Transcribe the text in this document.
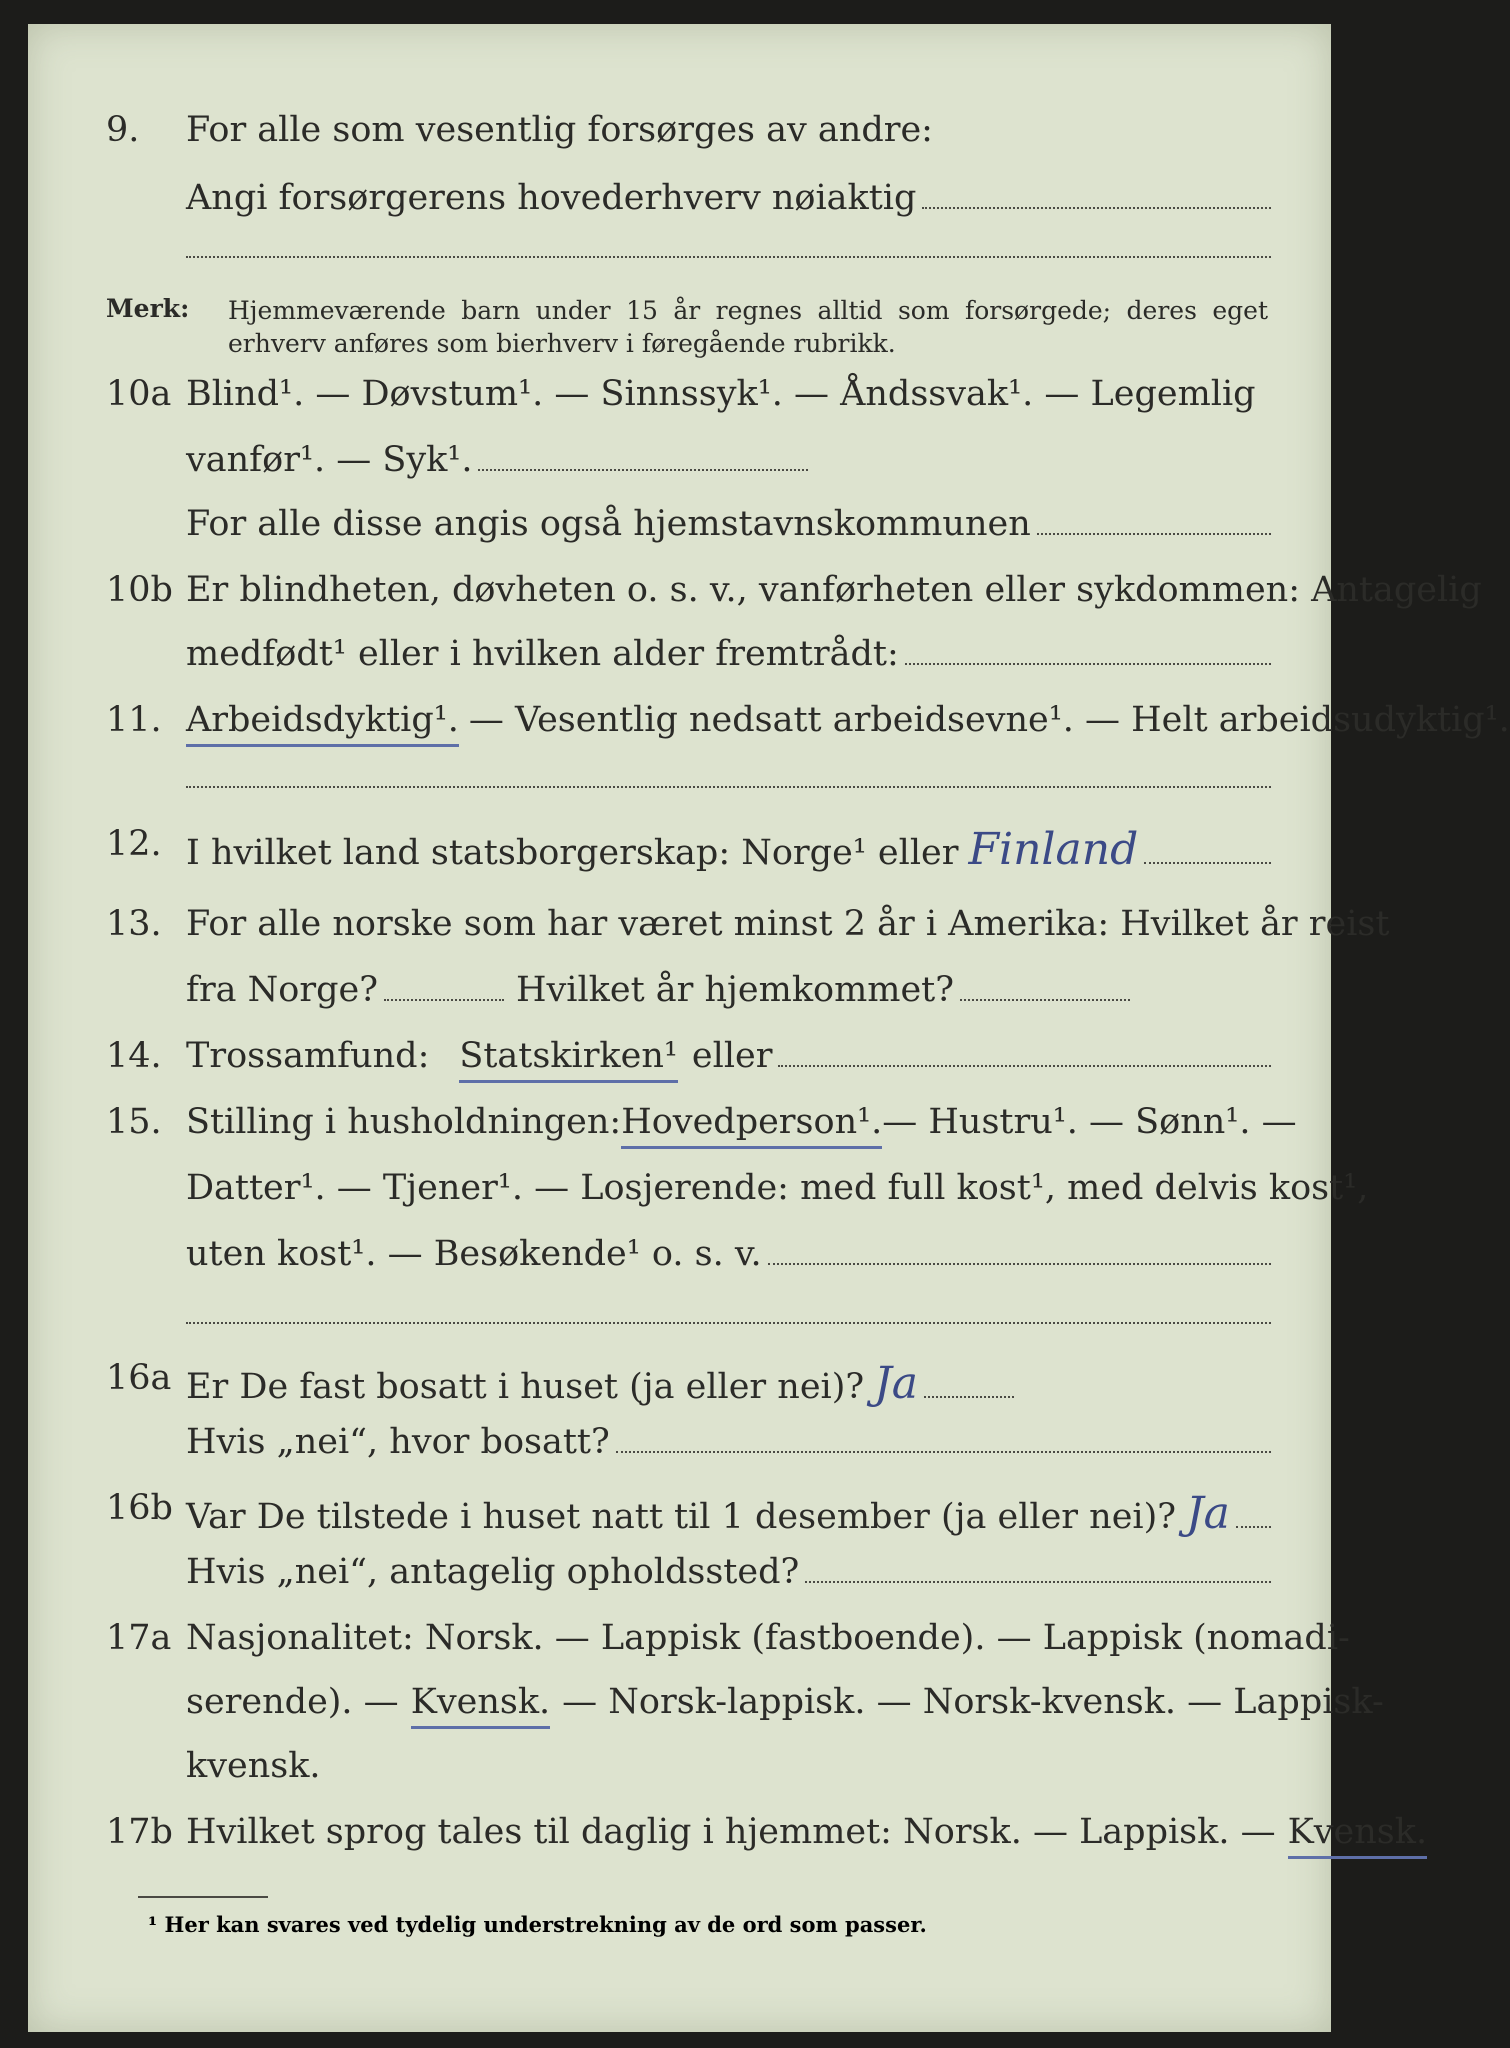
9. For alle som vesentlig forsørges av andre:
Angi forsørgerens hovederhverv nøiaktig
Merk: Hjemmeværende barn under 15 år regnes alltid som forsørgede; deres eget erhverv anføres som bierhverv i føregående rubrikk.
10a Blind¹. — Døvstum¹. — Sinnssyk¹. — Åndssvak¹. — Legemlig
vanfør¹. — Syk¹.
For alle disse angis også hjemstavnskommunen
10b Er blindheten, døvheten o. s. v., vanførheten eller sykdommen: Antagelig
medfødt¹ eller i hvilken alder fremtrådt:
11. Arbeidsdyktig¹. — Vesentlig nedsatt arbeidsevne¹. — Helt arbeidsudyktig¹.
12. I hvilket land statsborgerskap: Norge¹ eller Finland
13. For alle norske som har været minst 2 år i Amerika: Hvilket år reist
fra Norge?	Hvilket år hjemkommet?
14. Trossamfund: Statskirken¹ eller
15. Stilling i husholdningen: Hovedperson¹. — Hustru¹. — Sønn¹. —
Datter¹. — Tjener¹. — Losjerende: med full kost¹, med delvis kost¹,
uten kost¹. — Besøkende¹ o. s. v.
16a Er De fast bosatt i huset (ja eller nei)? Ja
Hvis „nei“, hvor bosatt?
16b Var De tilstede i huset natt til 1 desember (ja eller nei)? Ja
Hvis „nei“, antagelig opholdssted?
17a Nasjonalitet: Norsk. — Lappisk (fastboende). — Lappisk (nomadi-
serende). — Kvensk. — Norsk-lappisk. — Norsk-kvensk. — Lappisk-
kvensk.
17b Hvilket sprog tales til daglig i hjemmet: Norsk. — Lappisk. — Kvensk.
¹ Her kan svares ved tydelig understrekning av de ord som passer.
